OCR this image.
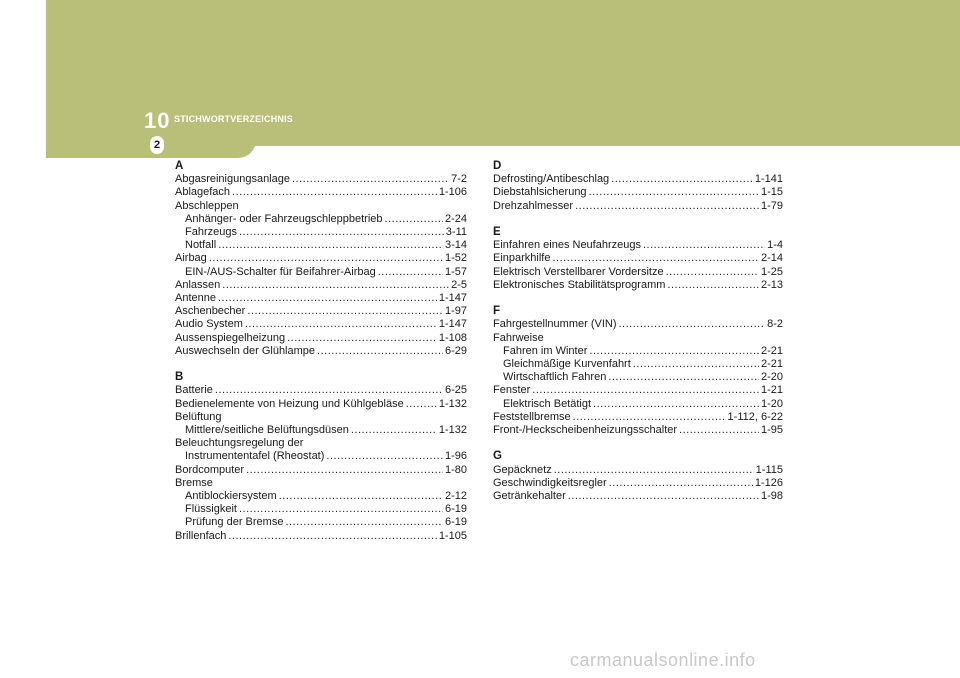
10 STICHWORTVERZEICHNIS
2
A
Abgasreinigungsanlage .....	7-2
Ablagefach .....	1-106
Abschleppen
Anhänger- oder Fahrzeugschleppbetrieb .....	2-24
Fahrzeugs .....	3-11
Notfall .....	3-14
Airbag .....	1-52
EIN-/AUS-Schalter für Beifahrer-Airbag .....	1-57
Anlassen .....	2-5
Antenne .....	1-147
Aschenbecher .....	1-97
Audio System .....	1-147
Aussenspiegelheizung .....	1-108
Auswechseln der Glühlampe .....	6-29
B
Batterie .....	6-25
Bedienelemente von Heizung und Kühlgebläse .....	1-132
Belüftung
Mittlere/seitliche Belüftungsdüsen .....	1-132
Beleuchtungsregelung der
Instrumententafel (Rheostat) .....	1-96
Bordcomputer .....	1-80
Bremse
Antiblockiersystem .....	2-12
Flüssigkeit .....	6-19
Prüfung der Bremse .....	6-19
Brillenfach .....	1-105
D
Defrosting/Antibeschlag .....	1-141
Diebstahlsicherung .....	1-15
Drehzahlmesser .....	1-79
E
Einfahren eines Neufahrzeugs .....	1-4
Einparkhilfe .....	2-14
Elektrisch Verstellbarer Vordersitze .....	1-25
Elektronisches Stabilitätsprogramm .....	2-13
F
Fahrgestellnummer (VIN) .....	8-2
Fahrweise
Fahren im Winter .....	2-21
Gleichmäßige Kurvenfahrt .....	2-21
Wirtschaftlich Fahren .....	2-20
Fenster .....	1-21
Elektrisch Betätigt .....	1-20
Feststellbremse .....	1-112, 6-22
Front-/Heckscheibenheizungsschalter .....	1-95
G
Gepäcknetz .....	1-115
Geschwindigkeitsregler .....	1-126
Getränkehalter .....	1-98
carmanualsonline.info
